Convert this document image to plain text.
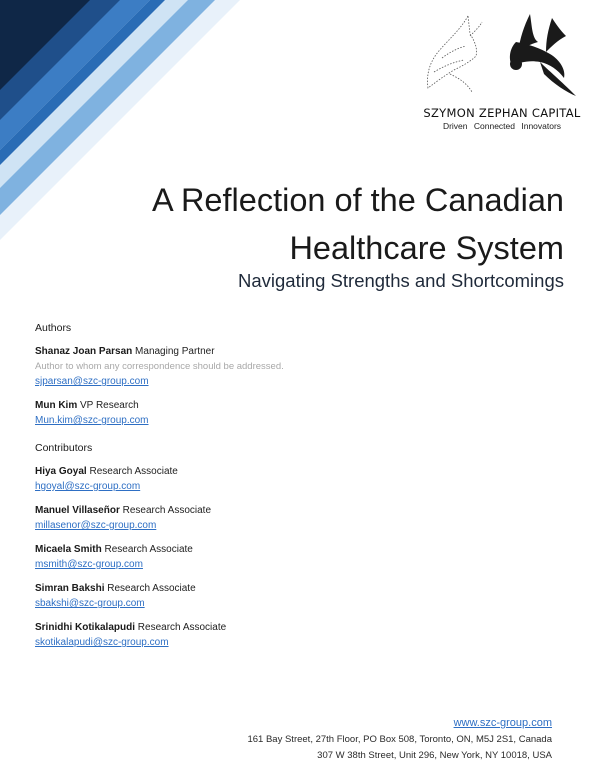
SZYMON ZEPHAN CAPITAL
Driven Connected Innovators
A Reflection of the Canadian
Healthcare System
Navigating Strengths and Shortcomings
Authors
Shanaz Joan Parsan Managing Partner
Author to whom any correspondence should be addressed.
sjparsan@szc-group.com
Mun Kim VP Research
Mun.kim@szc-group.com
Contributors
Hiya Goyal Research Associate
hgoyal@szc-group.com
Manuel Villaseñor Research Associate
millasenor@szc-group.com
Micaela Smith Research Associate
msmith@szc-group.com
Simran Bakshi Research Associate
sbakshi@szc-group.com
Srinidhi Kotikalapudi Research Associate
skotikalapudi@szc-group.com
www.szc-group.com
161 Bay Street, 27th Floor, PO Box 508, Toronto, ON, M5J 2S1, Canada
307 W 38th Street, Unit 296, New York, NY 10018, USA
